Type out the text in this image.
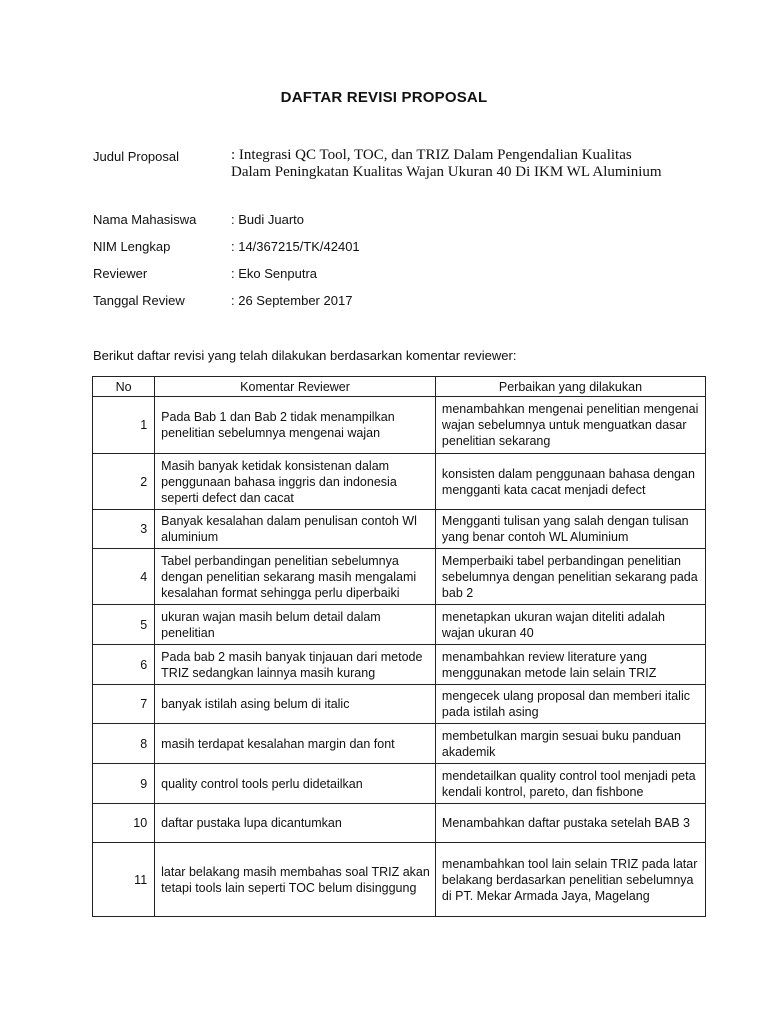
DAFTAR REVISI PROPOSAL
Judul Proposal	: Integrasi QC Tool, TOC, dan TRIZ Dalam Pengendalian Kualitas Dalam Peningkatan Kualitas Wajan Ukuran 40 Di IKM WL Aluminium
Nama Mahasiswa	: Budi Juarto
NIM Lengkap	: 14/367215/TK/42401
Reviewer	: Eko Senputra
Tanggal Review	: 26 September 2017
Berikut daftar revisi yang telah dilakukan berdasarkan komentar reviewer:
No	Komentar Reviewer	Perbaikan yang dilakukan
1	Pada Bab 1 dan Bab 2 tidak menampilkan penelitian sebelumnya mengenai wajan	menambahkan mengenai penelitian mengenai wajan sebelumnya untuk menguatkan dasar penelitian sekarang
2	Masih banyak ketidak konsistenan dalam penggunaan bahasa inggris dan indonesia seperti defect dan cacat	konsisten dalam penggunaan bahasa dengan mengganti kata cacat menjadi defect
3	Banyak kesalahan dalam penulisan contoh Wl aluminium	Mengganti tulisan yang salah dengan tulisan yang benar contoh WL Aluminium
4	Tabel perbandingan penelitian sebelumnya dengan penelitian sekarang masih mengalami kesalahan format sehingga perlu diperbaiki	Memperbaiki tabel perbandingan penelitian sebelumnya dengan penelitian sekarang pada bab 2
5	ukuran wajan masih belum detail dalam penelitian	menetapkan ukuran wajan diteliti adalah wajan ukuran 40
6	Pada bab 2 masih banyak tinjauan dari metode TRIZ sedangkan lainnya masih kurang	menambahkan review literature yang menggunakan metode lain selain TRIZ
7	banyak istilah asing belum di italic	mengecek ulang proposal dan memberi italic pada istilah asing
8	masih terdapat kesalahan margin dan font	membetulkan margin sesuai buku panduan akademik
9	quality control tools perlu didetailkan	mendetailkan quality control tool menjadi peta kendali kontrol, pareto, dan fishbone
10	daftar pustaka lupa dicantumkan	Menambahkan daftar pustaka setelah BAB 3
11	latar belakang masih membahas soal TRIZ akan tetapi tools lain seperti TOC belum disinggung	menambahkan tool lain selain TRIZ pada latar belakang berdasarkan penelitian sebelumnya di PT. Mekar Armada Jaya, Magelang
